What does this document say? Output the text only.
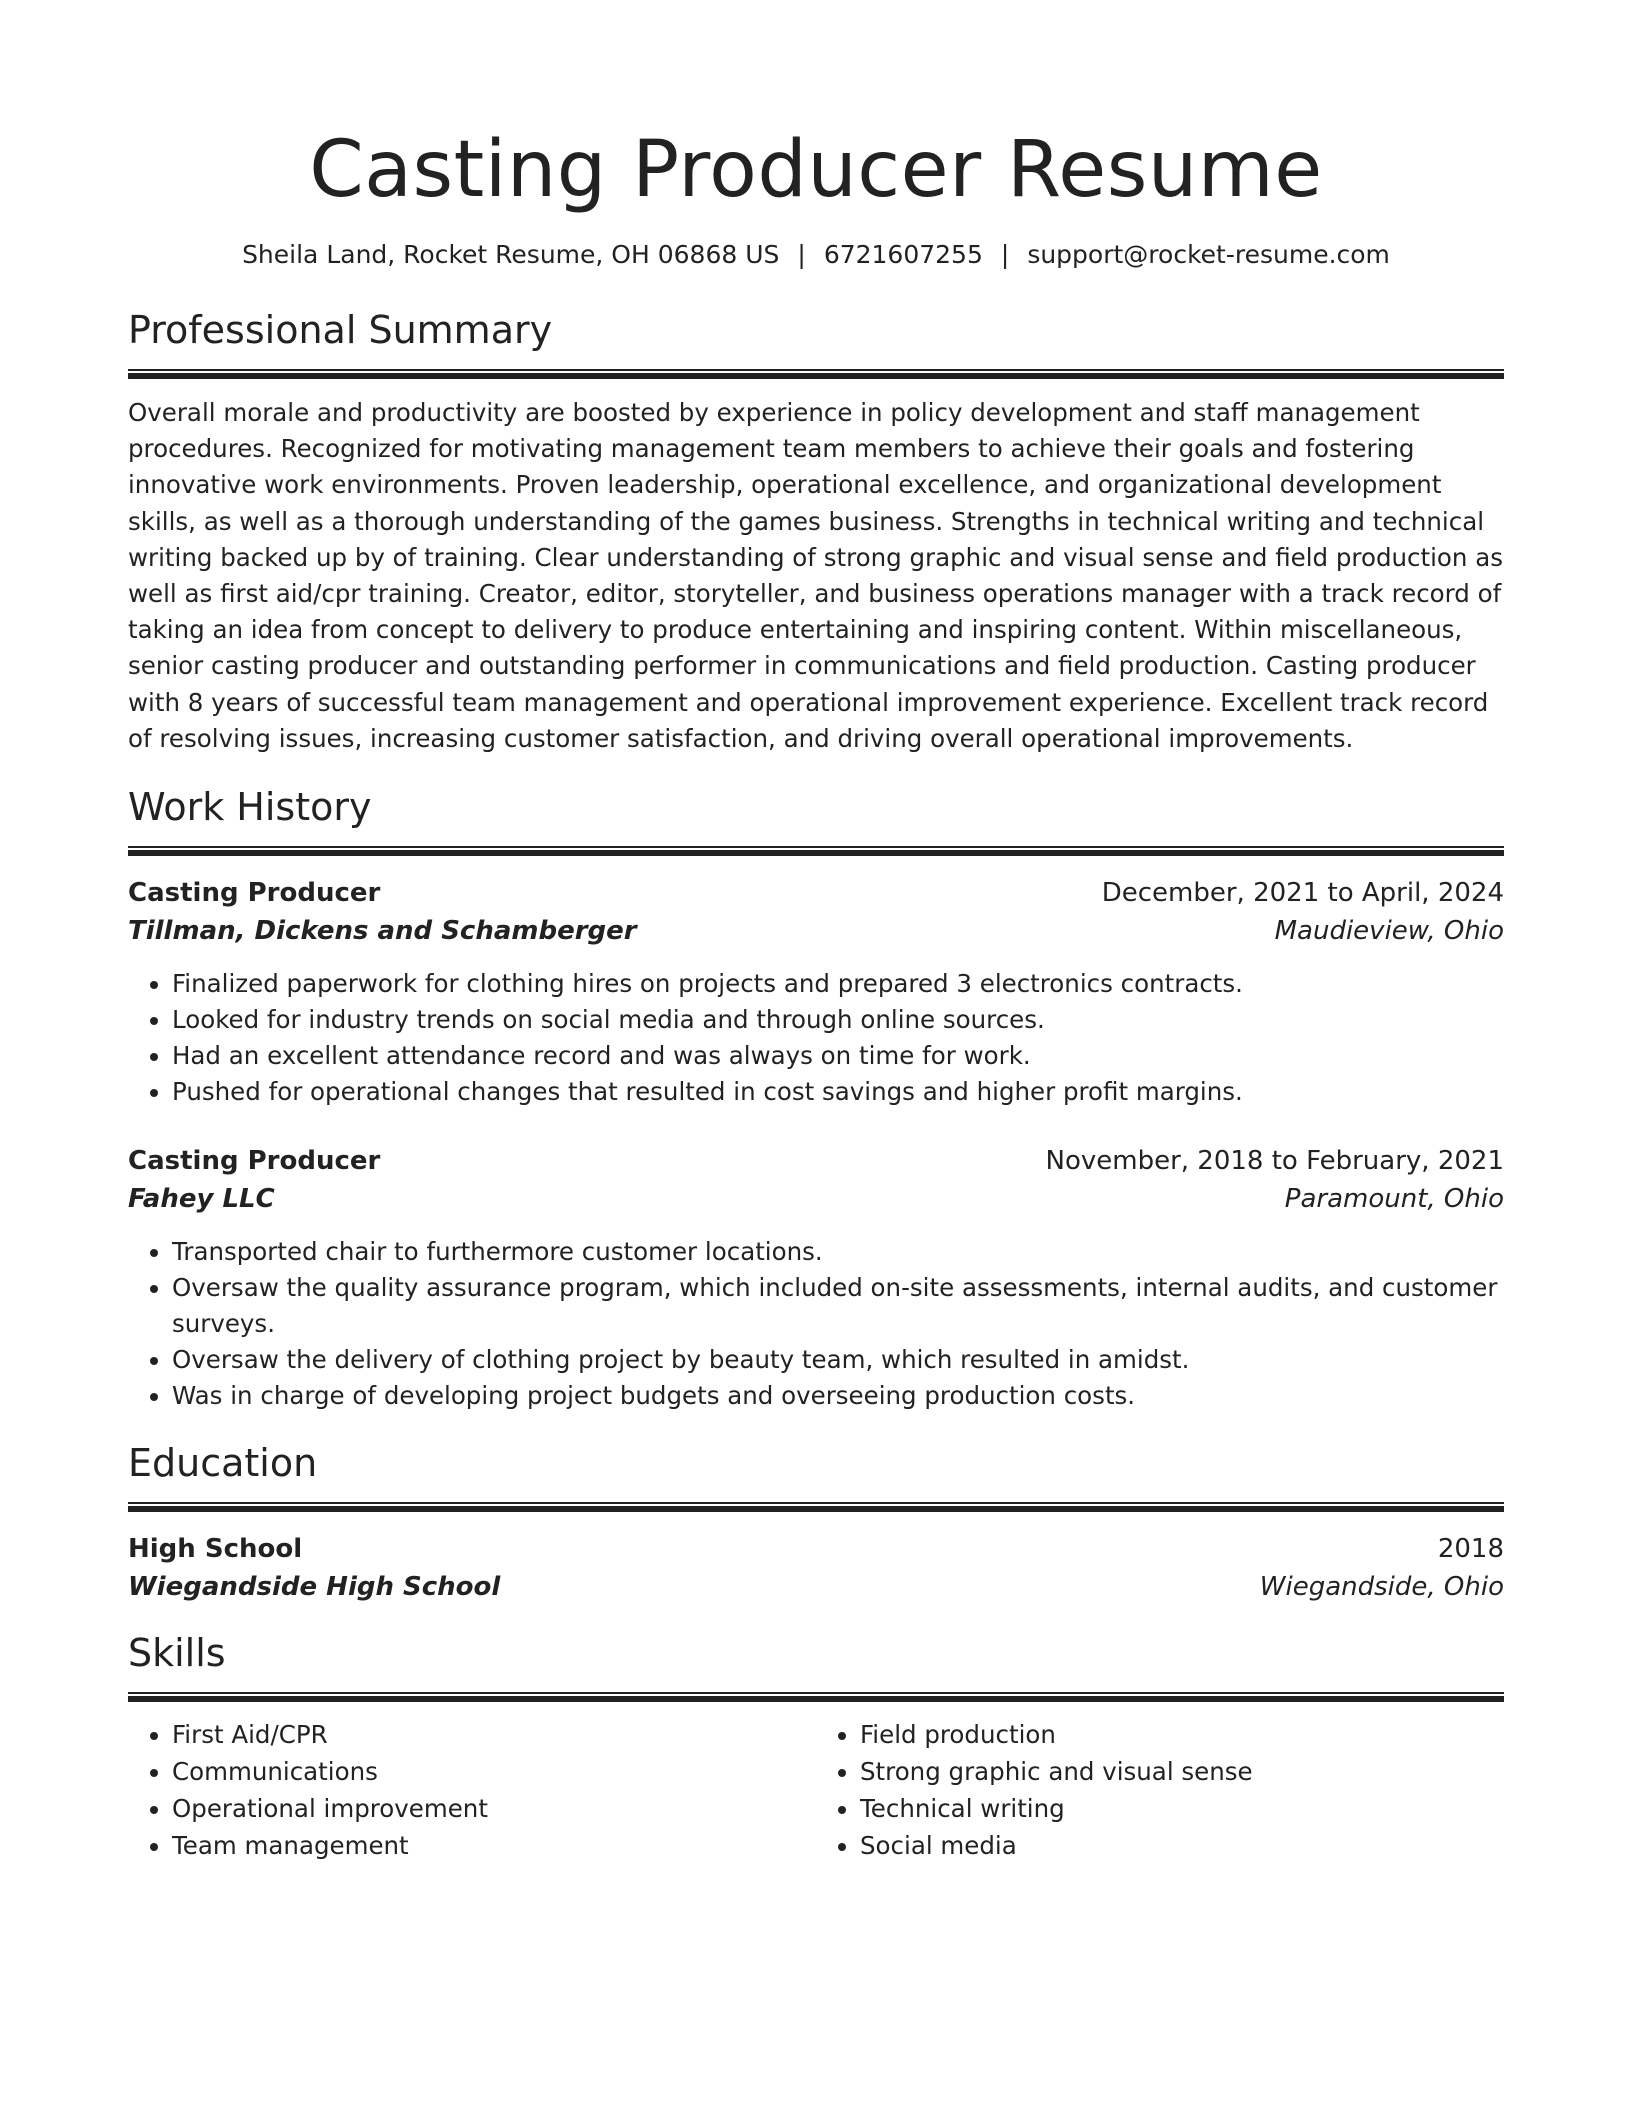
Casting Producer Resume
Sheila Land, Rocket Resume, OH 06868 US | 6721607255 | support@rocket-resume.com
Professional Summary

Overall morale and productivity are boosted by experience in policy development and staff management procedures. Recognized for motivating management team members to achieve their goals and fostering innovative work environments. Proven leadership, operational excellence, and organizational development skills, as well as a thorough understanding of the games business. Strengths in technical writing and technical writing backed up by of training. Clear understanding of strong graphic and visual sense and field production as well as first aid/cpr training. Creator, editor, storyteller, and business operations manager with a track record of taking an idea from concept to delivery to produce entertaining and inspiring content. Within miscellaneous, senior casting producer and outstanding performer in communications and field production. Casting producer with 8 years of successful team management and operational improvement experience. Excellent track record of resolving issues, increasing customer satisfaction, and driving overall operational improvements.

Work History
Casting Producer	December, 2021 to April, 2024
Tillman, Dickens and Schamberger	Maudieview, Ohio
• Finalized paperwork for clothing hires on projects and prepared 3 electronics contracts.
• Looked for industry trends on social media and through online sources.
• Had an excellent attendance record and was always on time for work.
• Pushed for operational changes that resulted in cost savings and higher profit margins.
Casting Producer	November, 2018 to February, 2021
Fahey LLC	Paramount, Ohio
• Transported chair to furthermore customer locations.
• Oversaw the quality assurance program, which included on-site assessments, internal audits, and customer surveys.
• Oversaw the delivery of clothing project by beauty team, which resulted in amidst.
• Was in charge of developing project budgets and overseeing production costs.
Education
High School	2018
Wiegandside High School	Wiegandside, Ohio
Skills
• First Aid/CPR
• Communications
• Operational improvement
• Team management
• Field production
• Strong graphic and visual sense
• Technical writing
• Social media
